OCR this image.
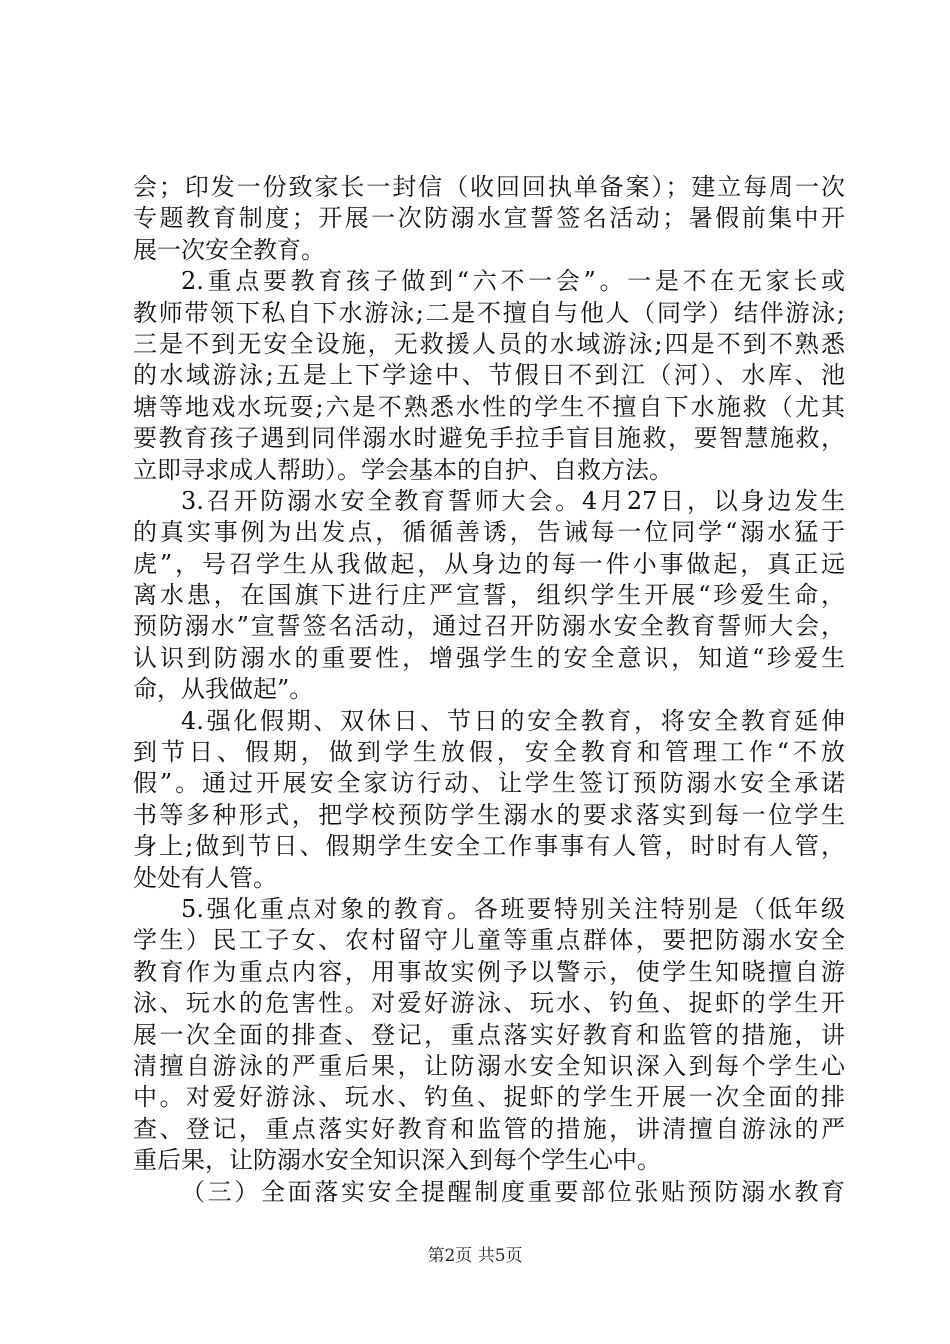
会；印发一份致家长一封信（收回回执单备案）；建立每周一次
专题教育制度；开展一次防溺水宣誓签名活动；暑假前集中开
展一次安全教育。
2.重点要教育孩子做到“六不一会”。一是不在无家长或
教师带领下私自下水游泳;二是不擅自与他人（同学）结伴游泳;
三是不到无安全设施，无救援人员的水域游泳;四是不到不熟悉
的水域游泳;五是上下学途中、节假日不到江（河）、水库、池
塘等地戏水玩耍;六是不熟悉水性的学生不擅自下水施救（尤其
要教育孩子遇到同伴溺水时避免手拉手盲目施救，要智慧施救，
立即寻求成人帮助）。学会基本的自护、自救方法。
3.召开防溺水安全教育誓师大会。4月27日，以身边发生
的真实事例为出发点，循循善诱，告诫每一位同学“溺水猛于
虎”，号召学生从我做起，从身边的每一件小事做起，真正远
离水患，在国旗下进行庄严宣誓，组织学生开展“珍爱生命，
预防溺水”宣誓签名活动，通过召开防溺水安全教育誓师大会，
认识到防溺水的重要性，增强学生的安全意识，知道“珍爱生
命，从我做起”。
4.强化假期、双休日、节日的安全教育，将安全教育延伸
到节日、假期，做到学生放假，安全教育和管理工作“不放
假”。通过开展安全家访行动、让学生签订预防溺水安全承诺
书等多种形式，把学校预防学生溺水的要求落实到每一位学生
身上;做到节日、假期学生安全工作事事有人管，时时有人管，
处处有人管。
5.强化重点对象的教育。各班要特别关注特别是（低年级
学生）民工子女、农村留守儿童等重点群体，要把防溺水安全
教育作为重点内容，用事故实例予以警示，使学生知晓擅自游
泳、玩水的危害性。对爱好游泳、玩水、钓鱼、捉虾的学生开
展一次全面的排查、登记，重点落实好教育和监管的措施，讲
清擅自游泳的严重后果，让防溺水安全知识深入到每个学生心
中。对爱好游泳、玩水、钓鱼、捉虾的学生开展一次全面的排
查、登记，重点落实好教育和监管的措施，讲清擅自游泳的严
重后果，让防溺水安全知识深入到每个学生心中。
（三）全面落实安全提醒制度重要部位张贴预防溺水教育
第2页 共5页
